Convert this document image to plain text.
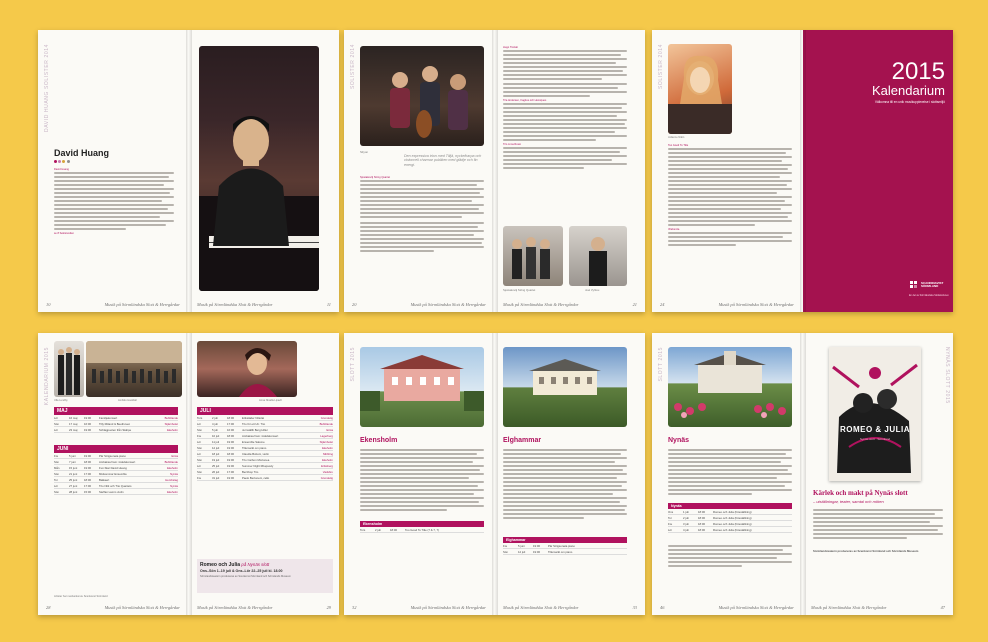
DAVID HUANG SOLISTER 2014
David Huang
David Huang
se 8 Sektstunden
10	Musik på Sörmländska Slott & Herrgårdar	Musik på Sörmländska Slott & Herrgårdar	11
SOLISTER 2014
Silyon
Den expressiva trion med Tilljä, nyckelharpa och violoncell charmar publiken med glädje och fin energi.
Sjostakovitj String Quartet
20	Musik på Sörmländska Slott & Herrgårdar
Hugo Ticciati
Tria Andersen, Fagitus och Hemiques
Trio Lima Rossi
Sjostakovitj String Quartet	Joel Vyhlou
Musik på Sörmländska Slott & Herrgårdar	21
SOLISTER 2014
Julianne Nilén
Too Good To Title
Vilahemla
24	Musik på Sörmländska Slott & Herrgårdar
2015
Kalendarium
Välkomna till en unik musikupplevelse i slottsmiljö
SCANDINAVIST SÖRMLAND
En del av Sörmländska Slottskulturen
KALENDARIUM 2015 Ulla Lundby	Ambitio Hookfall
MAJ
Lör	16 maj	19:00	Familjekonsert	Bubblande
Sön	17 maj	16:00	Tilly Ritland & Beethoven	Stjärnbolet
Lör	23 maj	19:00	Schlagpoolen från Skärpe	Ekeholm
JUNI
Fre	5 juni	19:00	Pär Strigsonata piano	Ersta
Sön	7 juni	18:00	Ambaksa fram i Adelskonsert	Bubblande
Mån	15 juni	19:00	Fun fikar David Huang	Ekeholm
Sön	21 juni	17:00	Midsommar Ensemble	Nynäs
Tor	25 juni	18:00	Balkaert	Hembstag
Lör	27 juni	17:00	Trio Nitti och Trio Quartets	Nynäs
Sön	28 juni	15:00	Steffan Lamm violin	Ekeholm
Artister har medverkat av Scenkonst Sörmland
28	Musik på Sörmländska Slott & Herrgårdar
Anna Ninalla Lipach
JULI
Tors	2 juli	18:00	Erikstäder Nittolat	Grundetig
Lör	4 juli	17:00	Trio för ett Utr. Trio	Bubblande
Sön	5 juli	16:00	Jernställb Berg Hiller	Ersta
Fre	10 juli	18:00	Ambaksa fram i Adelskonsert	Lagerberg
Lör	11 juli	19:00	Ensemble Salome	Stjärnbolet
Sön	12 juli	19:00	Tillemarkt om piano	Ekeholm
Lör	18 juli	18:00	Claudia Bottoni, violin	Nibbling
Sön	19 juli	19:00	Trio Carbon Mortonea	Ekeholm
Lör	25 juli	19:00	Summer Night Rhapsody	Eriksberg
Sön	26 juli	17:00	Bezzbop Trio	Vadsbro
Fre	31 juli	19:00	Paolo Bertoneni, cello	Grundetig
Romeo och Julia på Nynäs slott
Ons–Sön 1–19 juli & Ons–Lör 22–25 juli kl. 18.00
Sörmlandsteatern produceras av Scenkonst Sörmland och Sörmlands Museum
Musik på Sörmländska Slott & Herrgårdar	29
SLOTT 2015
Ekensholm
Ekensholm
Tors	2 juli	18:00	Too Good To Title (7 & 7, 7)
32	Musik på Sörmländska Slott & Herrgårdar
Elghammar
Elghammar
Fre	5 juni	19:00	Pär Strigsonata piano
Sön	12 juli	19:00	Tillemarkt om piano
Musik på Sörmländska Slott & Herrgårdar	33
SLOTT 2015
Nynäs
Nynäs
Ons	1 juli	18:00	Romeo och Julia (föreställning)
Tor	2 juli	18:00	Romeo och Julia (föreställning)
Fre	3 juli	18:00	Romeo och Julia (föreställning)
Lör	4 juli	18:00	Romeo och Julia (föreställning)
46	Musik på Sörmländska Slott & Herrgårdar
NYNÄS SLOTT 2015
ROMEO & JULIA
Nynäs slott · Sörmland
Kärlek och makt på Nynäs slott
– utställningar, teater, samtal och möten
Sörmlandsteatern produceras av Scenkonst Sörmland och Sörmlands Museum
Musik på Sörmländska Slott & Herrgårdar	47
